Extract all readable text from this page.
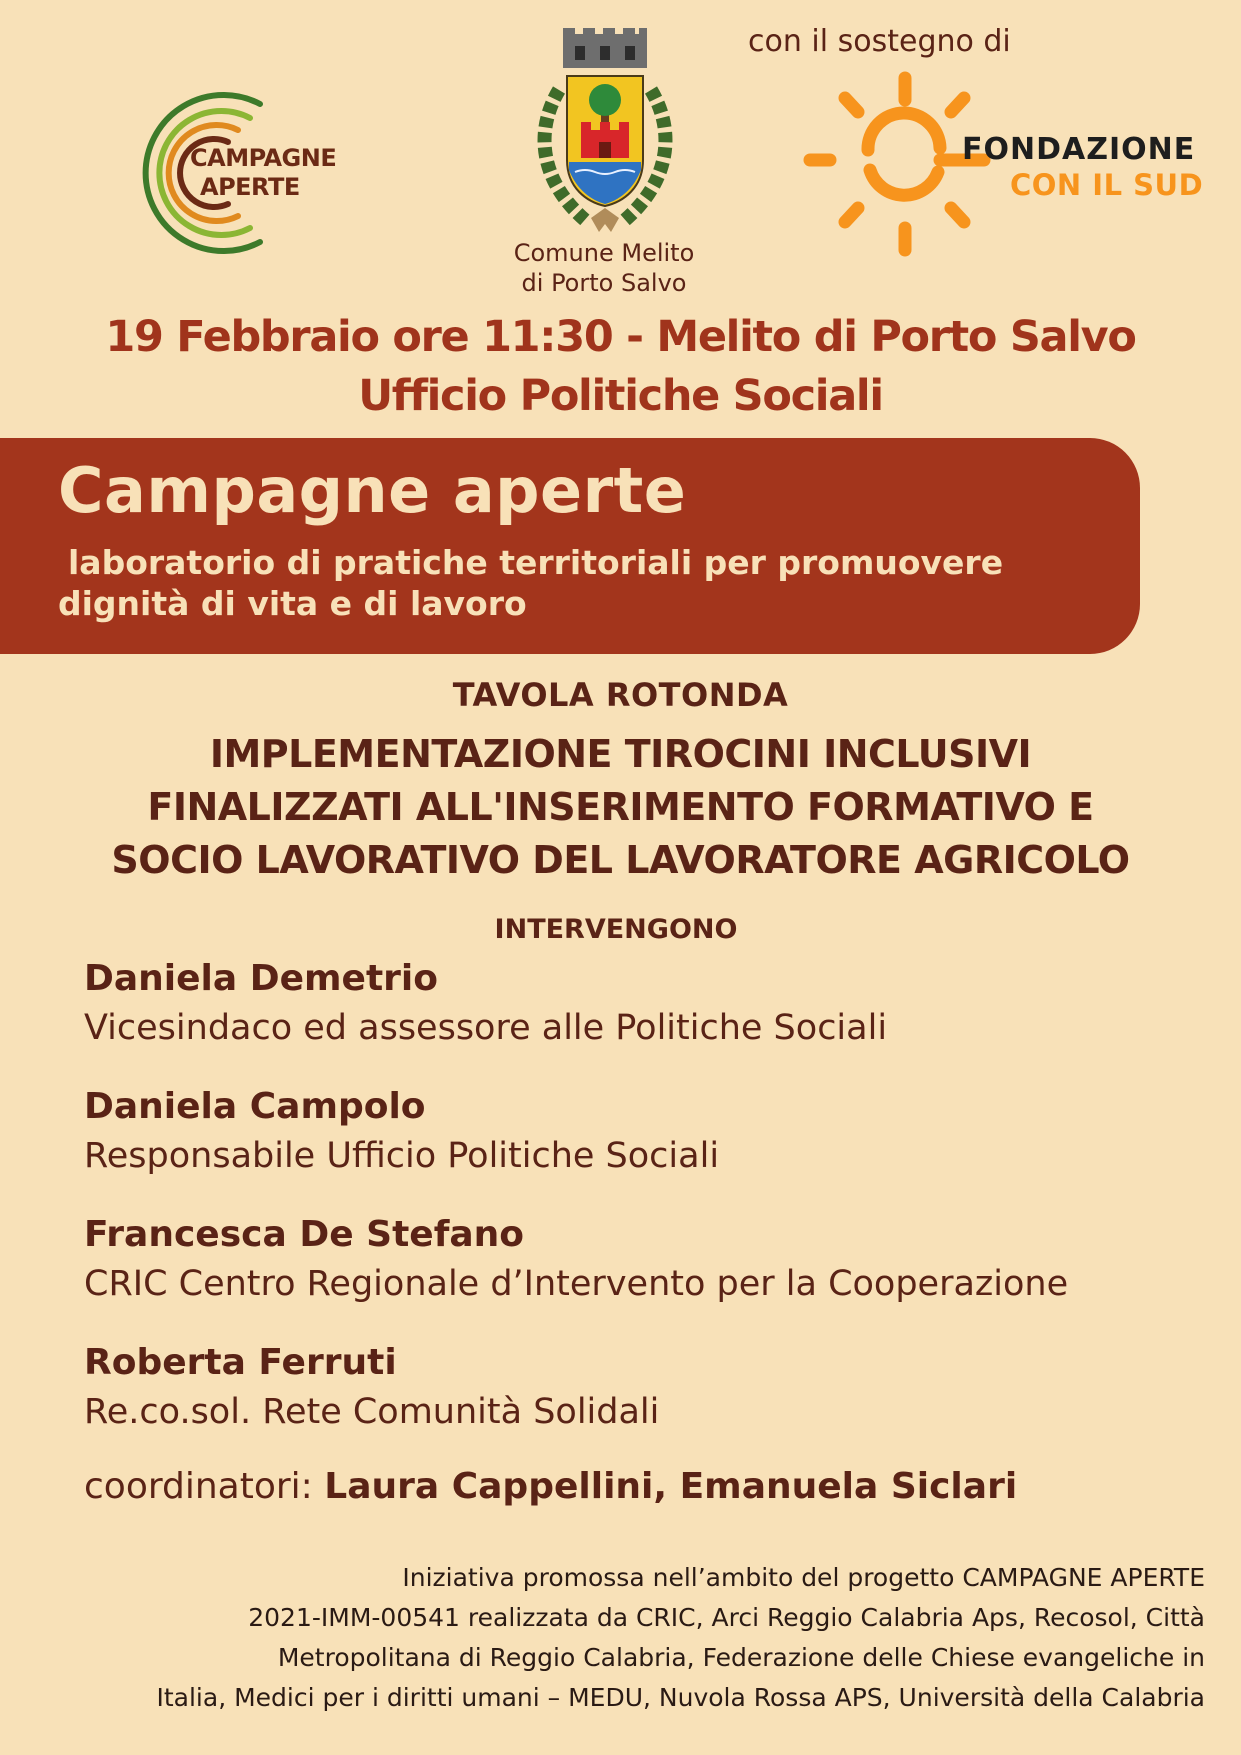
CAMPAGNE
APERTE
Comune Melito
di Porto Salvo
con il sostegno di
FONDAZIONE
CON IL SUD
19 Febbraio ore 11:30 - Melito di Porto Salvo
Ufficio Politiche Sociali
Campagne aperte
laboratorio di pratiche territoriali per promuovere
dignità di vita e di lavoro
TAVOLA ROTONDA
IMPLEMENTAZIONE TIROCINI INCLUSIVI
FINALIZZATI ALL'INSERIMENTO FORMATIVO E
SOCIO LAVORATIVO DEL LAVORATORE AGRICOLO
INTERVENGONO
Daniela Demetrio
Vicesindaco ed assessore alle Politiche Sociali
Daniela Campolo
Responsabile Ufficio Politiche Sociali
Francesca De Stefano
CRIC Centro Regionale d’Intervento per la Cooperazione
Roberta Ferruti
Re.co.sol. Rete Comunità Solidali
coordinatori: Laura Cappellini, Emanuela Siclari
Iniziativa promossa nell’ambito del progetto CAMPAGNE APERTE
2021-IMM-00541 realizzata da CRIC, Arci Reggio Calabria Aps, Recosol, Città
Metropolitana di Reggio Calabria, Federazione delle Chiese evangeliche in
Italia, Medici per i diritti umani – MEDU, Nuvola Rossa APS, Università della Calabria
